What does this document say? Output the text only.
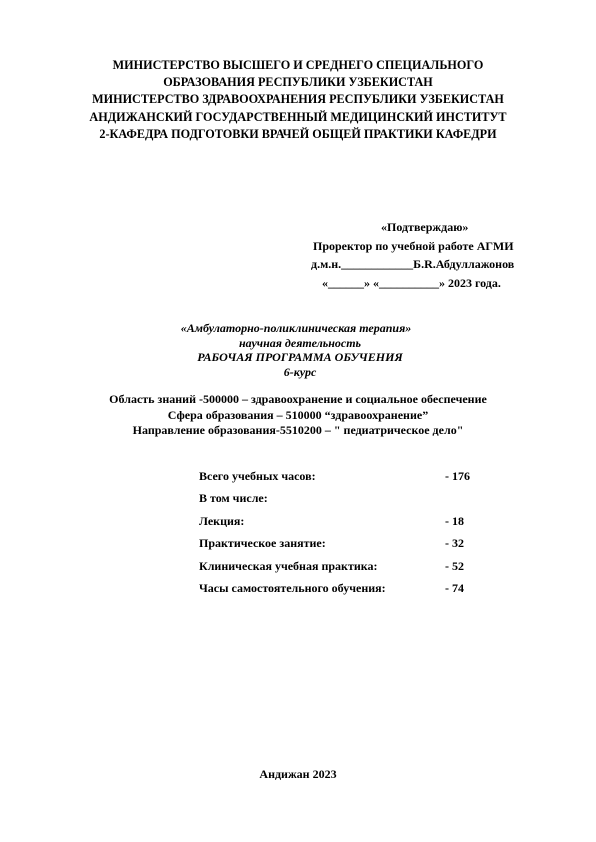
МИНИСТЕРСТВО ВЫСШЕГО И СРЕДНЕГО СПЕЦИАЛЬНОГО
ОБРАЗОВАНИЯ РЕСПУБЛИКИ УЗБЕКИСТАН
МИНИСТЕРСТВО ЗДРАВООХРАНЕНИЯ РЕСПУБЛИКИ УЗБЕКИСТАН
АНДИЖАНСКИЙ ГОСУДАРСТВЕННЫЙ МЕДИЦИНСКИЙ ИНСТИТУТ
2-КАФЕДРА ПОДГОТОВКИ ВРАЧЕЙ ОБЩЕЙ ПРАКТИКИ КАФЕДРИ
«Подтверждаю»
Проректор по учебной работе АГМИ
д.м.н.____________Б.R.Абдуллажонов
«______» «__________» 2023 года.
«Амбулаторно-поликлиническая терапия»
научная деятельность
РАБОЧАЯ ПРОГРАММА ОБУЧЕНИЯ
6-курс
Область знаний -500000 – здравоохранение и социальное обеспечение
Сфера образования – 510000 “здравоохранение”
Направление образования-5510200 – " педиатрическое дело"
Всего учебных часов:	- 176
В том числе:
Лекция:	- 18
Практическое занятие:	- 32
Клиническая учебная практика:	- 52
Часы самостоятельного обучения:	- 74
Андижан 2023
